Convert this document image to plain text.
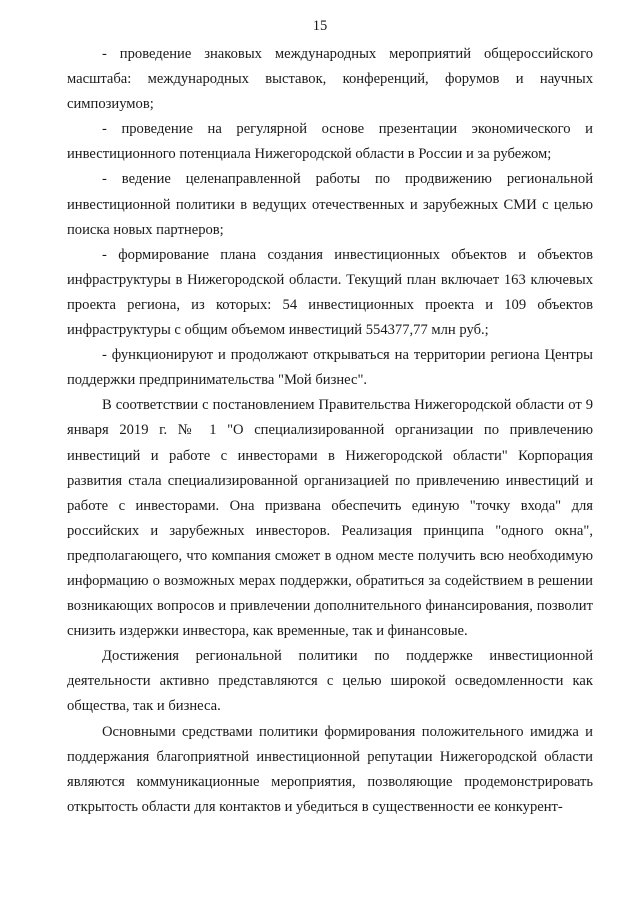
15

- проведение знаковых международных мероприятий общероссийского масштаба: международных выставок, конференций, форумов и научных симпозиумов;

- проведение на регулярной основе презентации экономического и инвестиционного потенциала Нижегородской области в России и за рубежом;

- ведение целенаправленной работы по продвижению региональной инвестиционной политики в ведущих отечественных и зарубежных СМИ с целью поиска новых партнеров;

- формирование плана создания инвестиционных объектов и объектов инфраструктуры в Нижегородской области. Текущий план включает 163 ключевых проекта региона, из которых: 54 инвестиционных проекта и 109 объектов инфраструктуры с общим объемом инвестиций 554377,77 млн руб.;

- функционируют и продолжают открываться на территории региона Центры поддержки предпринимательства "Мой бизнес".

В соответствии с постановлением Правительства Нижегородской области от 9 января 2019 г. № 1 "О специализированной организации по привлечению инвестиций и работе с инвесторами в Нижегородской области" Корпорация развития стала специализированной организацией по привлечению инвестиций и работе с инвесторами. Она призвана обеспечить единую "точку входа" для российских и зарубежных инвесторов. Реализация принципа "одного окна", предполагающего, что компания сможет в одном месте получить всю необходимую информацию о возможных мерах поддержки, обратиться за содействием в решении возникающих вопросов и привлечении дополнительного финансирования, позволит снизить издержки инвестора, как временные, так и финансовые.

Достижения региональной политики по поддержке инвестиционной деятельности активно представляются с целью широкой осведомленности как общества, так и бизнеса.

Основными средствами политики формирования положительного имиджа и поддержания благоприятной инвестиционной репутации Нижегородской области являются коммуникационные мероприятия, позволяющие продемонстрировать открытость области для контактов и убедиться в существенности ее конкурент-
